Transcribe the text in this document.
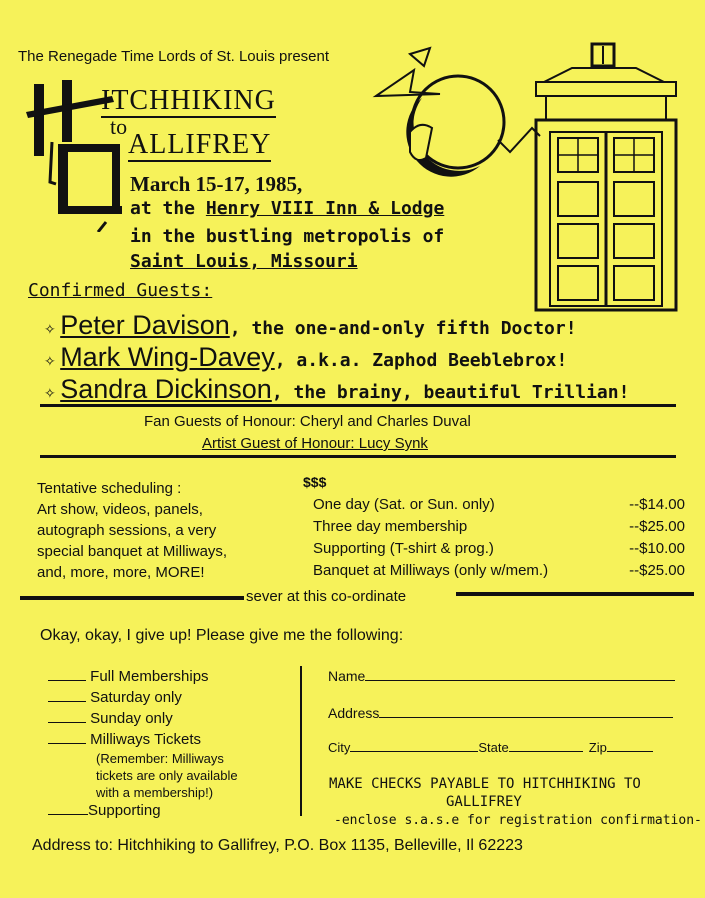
The Renegade Time Lords of St. Louis present
ITCHHIKING
to
ALLIFREY
March 15-17, 1985,
at the Henry VIII Inn & Lodge
in the bustling metropolis of
Saint Louis, Missouri
Confirmed Guests:
✧ Peter Davison, the one-and-only fifth Doctor!
✧ Mark Wing-Davey, a.k.a. Zaphod Beeblebrox!
✧ Sandra Dickinson, the brainy, beautiful Trillian!
Fan Guests of Honour: Cheryl and Charles Duval
Artist Guest of Honour: Lucy Synk
Tentative scheduling :
Art show, videos, panels,
autograph sessions, a very
special banquet at Milliways,
and, more, more, MORE!
$$$
One day (Sat. or Sun. only)	--$14.00
Three day membership	--$25.00
Supporting (T-shirt & prog.)	--$10.00
Banquet at Milliways (only w/mem.)	--$25.00
sever at this co-ordinate
Okay, okay, I give up! Please give me the following:
Full Memberships
Saturday only
Sunday only
Milliways Tickets
(Remember: Milliways
tickets are only available
with a membership!)
Supporting
Name
Address
City	State	Zip
MAKE CHECKS PAYABLE TO HITCHHIKING TO
GALLIFREY
-enclose s.a.s.e for registration confirmation-
Address to: Hitchhiking to Gallifrey, P.O. Box 1135, Belleville, Il 62223
